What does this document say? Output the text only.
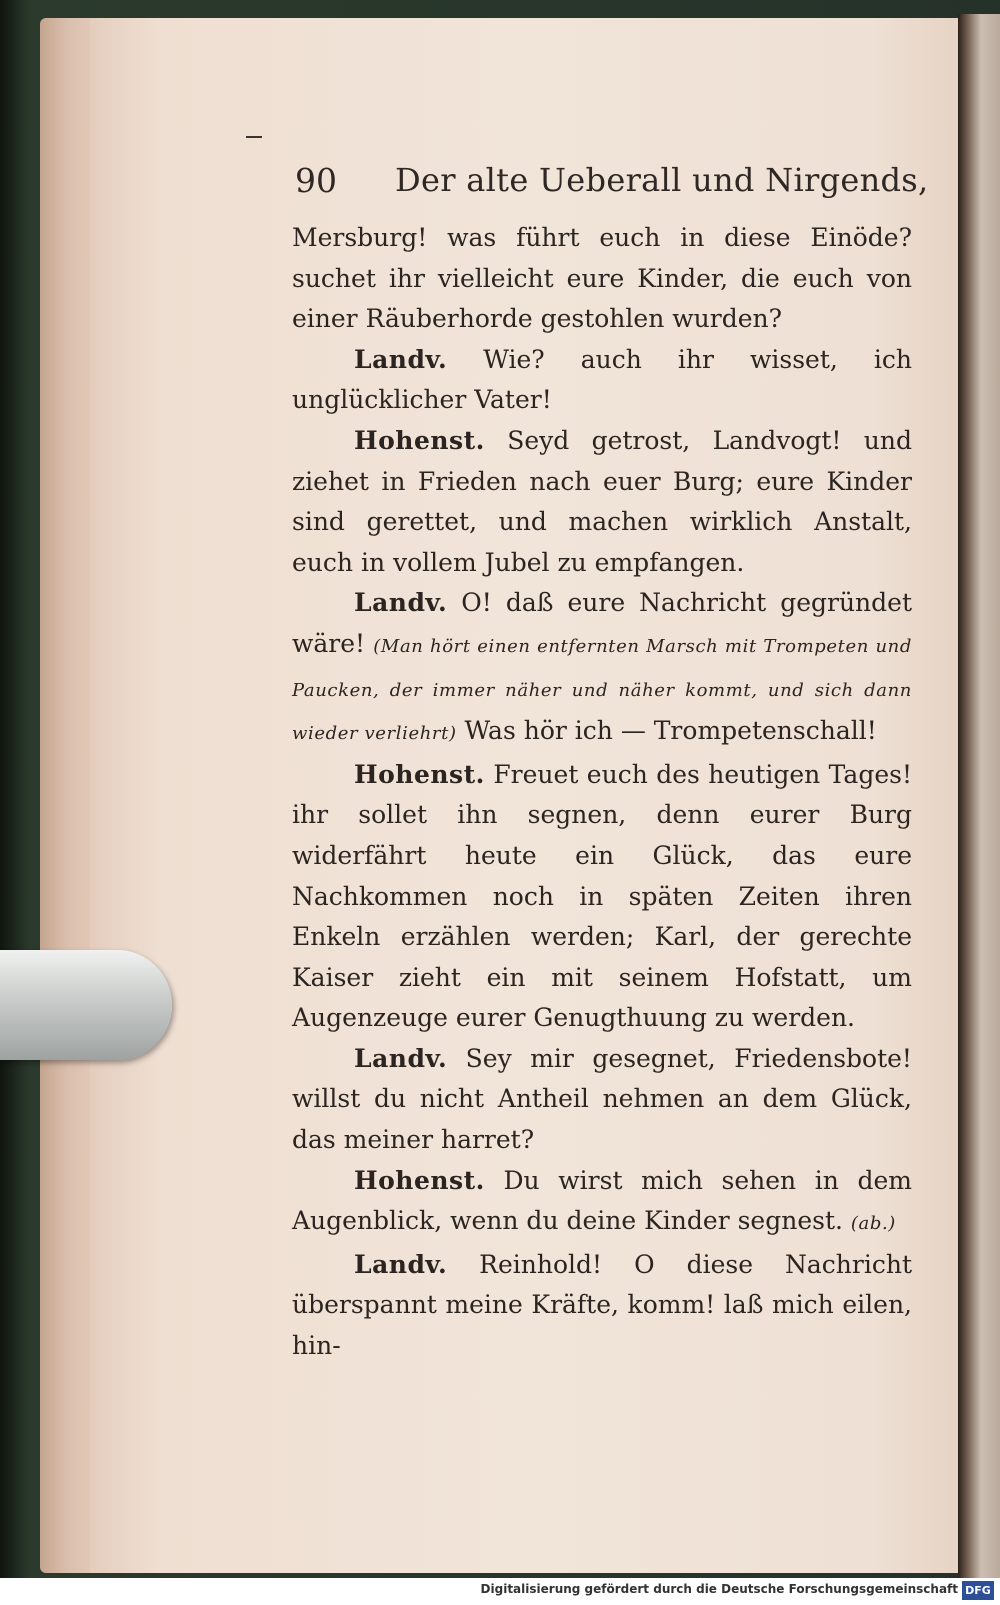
90 Der alte Ueberall und Nirgends,

Mersburg! was führt euch in diese Einöde? suchet ihr vielleicht eure Kinder, die euch von einer Räuberhorde gestohlen wurden?

Landv. Wie? auch ihr wisset, ich unglücklicher Vater!

Hohenst. Seyd getrost, Landvogt! und ziehet in Frieden nach euer Burg; eure Kinder sind gerettet, und machen wirklich Anstalt, euch in vollem Jubel zu empfangen.

Landv. O! daß eure Nachricht gegründet wäre! (Man hört einen entfernten Marsch mit Trompeten und Paucken, der immer näher und näher kommt, und sich dann wieder verliehrt) Was hör ich — Trompetenschall!

Hohenst. Freuet euch des heutigen Tages! ihr sollet ihn segnen, denn eurer Burg widerfährt heute ein Glück, das eure Nachkommen noch in späten Zeiten ihren Enkeln erzählen werden; Karl, der gerechte Kaiser zieht ein mit seinem Hofstatt, um Augenzeuge eurer Genugthuung zu werden.

Landv. Sey mir gesegnet, Friedensbote! willst du nicht Antheil nehmen an dem Glück, das meiner harret?

Hohenst. Du wirst mich sehen in dem Augenblick, wenn du deine Kinder segnest. (ab.)

Landv. Reinhold! O diese Nachricht überspannt meine Kräfte, komm! laß mich eilen, hin-

Digitalisierung gefördert durch die Deutsche Forschungsgemeinschaft DFG
